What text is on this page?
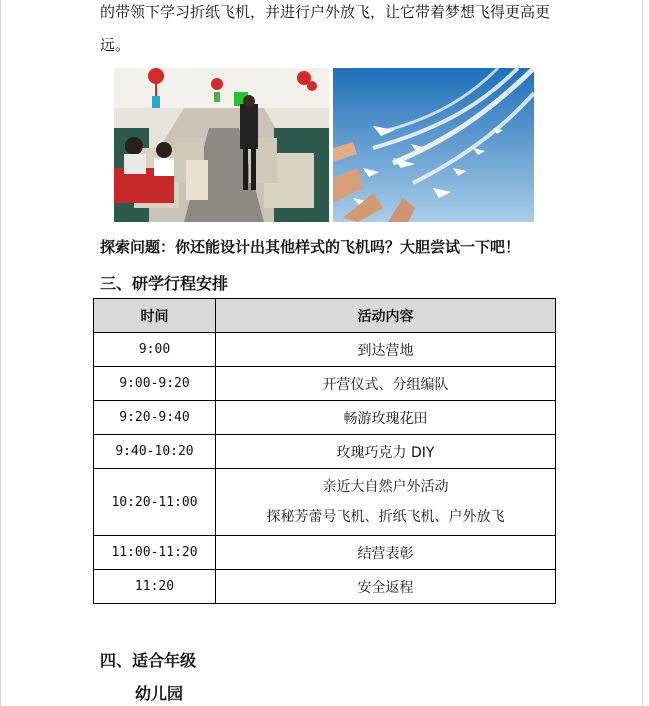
的带领下学习折纸飞机，并进行户外放飞，让它带着梦想飞得更高更
远。
探索问题：你还能设计出其他样式的飞机吗？大胆尝试一下吧！
三、研学行程安排
时间	活动内容
9:00	到达营地
9:00-9:20	开营仪式、分组编队
9:20-9:40	畅游玫瑰花田
9:40-10:20	玫瑰巧克力 DIY
10:20-11:00	亲近大自然户外活动
探秘芳蕾号飞机、折纸飞机、户外放飞

11:00-11:20	结营表彰
11:20	安全返程
四、适合年级
幼儿园
